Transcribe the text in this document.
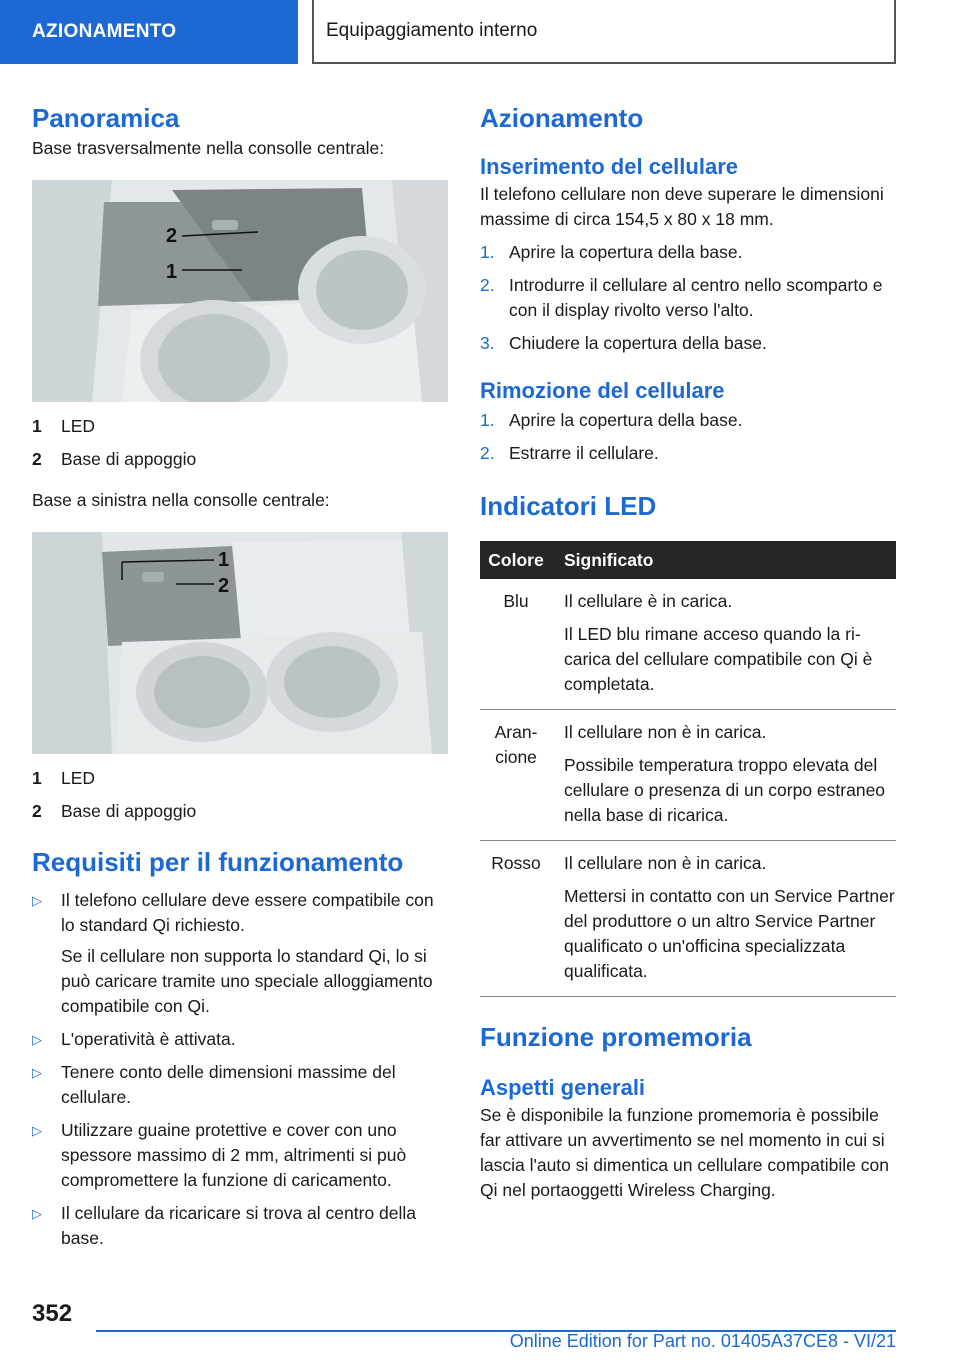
AZIONAMENTO	Equipaggiamento interno
Panoramica

Base trasversalmente nella consolle centrale:

2
1
1	LED
2	Base di appoggio

Base a sinistra nella consolle centrale:

1
2
1	LED
2	Base di appoggio
Requisiti per il funzionamento
▷ Il telefono cellulare deve essere compatibile con lo standard Qi richiesto.

Se il cellulare non supporta lo standard Qi, lo si può caricare tramite uno speciale alloggiamento compatibile con Qi.

▷ L'operatività è attivata.
▷ Tenere conto delle dimensioni massime del cellulare.
▷ Utilizzare guaine protettive e cover con uno spessore massimo di 2 mm, altrimenti si può compromettere la funzione di caricamento.
▷ Il cellulare da ricaricare si trova al centro della base.
Azionamento
Inserimento del cellulare

Il telefono cellulare non deve superare le dimensioni massime di circa 154,5 x 80 x 18 mm.

1. Aprire la copertura della base.
2. Introdurre il cellulare al centro nello scomparto e con il display rivolto verso l'alto.
3. Chiudere la copertura della base.
Rimozione del cellulare
1. Aprire la copertura della base.
2. Estrarre il cellulare.
Indicatori LED
Colore	Significato
Blu	Il cellulare è in carica.
Il LED blu rimane acceso quando la ricarica del cellulare compatibile con Qi è completata.

Arancione	Il cellulare non è in carica.
Possibile temperatura troppo elevata del cellulare o presenza di un corpo estraneo nella base di ricarica.

Rosso	Il cellulare non è in carica.
Mettersi in contatto con un Service Partner del produttore o un altro Service Partner qualificato o un'officina specializzata qualificata.
Funzione promemoria
Aspetti generali

Se è disponibile la funzione promemoria è possibile far attivare un avvertimento se nel momento in cui si lascia l'auto si dimentica un cellulare compatibile con Qi nel portaoggetti Wireless Charging.

352
Online Edition for Part no. 01405A37CE8 - VI/21
